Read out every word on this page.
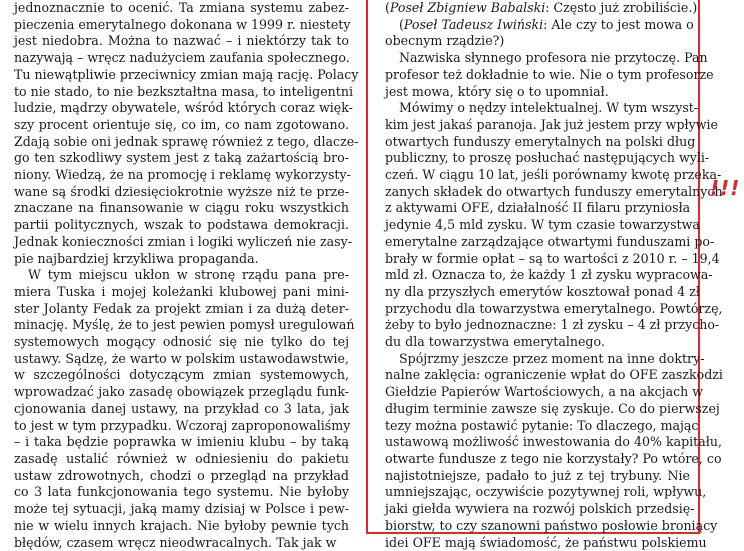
jednoznacznie to ocenić. Ta zmiana systemu zabez-
pieczenia emerytalnego dokonana w 1999 r. niestety
jest niedobra. Można to nazwać – i niektórzy tak to
nazywają – wręcz nadużyciem zaufania społecznego.
Tu niewątpliwie przeciwnicy zmian mają rację. Polacy
to nie stado, to nie bezkształtna masa, to inteligentni
ludzie, mądrzy obywatele, wśród których coraz więk-
szy procent orientuje się, co im, co nam zgotowano.
Zdają sobie oni jednak sprawę również z tego, dlacze-
go ten szkodliwy system jest z taką zażartością bro-
niony. Wiedzą, że na promocję i reklamę wykorzysty-
wane są środki dziesięciokrotnie wyższe niż te prze-
znaczane na finansowanie w ciągu roku wszystkich
partii politycznych, wszak to podstawa demokracji.
Jednak konieczności zmian i logiki wyliczeń nie zasy-
pie najbardziej krzykliwa propaganda.
W tym miejscu ukłon w stronę rządu pana pre-
miera Tuska i mojej koleżanki klubowej pani mini-
ster Jolanty Fedak za projekt zmian i za dużą deter-
minację. Myślę, że to jest pewien pomysł uregulowań
systemowych mogący odnosić się nie tylko do tej
ustawy. Sądzę, że warto w polskim ustawodawstwie,
w szczególności dotyczącym zmian systemowych,
wprowadzać jako zasadę obowiązek przeglądu funk-
cjonowania danej ustawy, na przykład co 3 lata, jak
to jest w tym przypadku. Wczoraj zaproponowaliśmy
– i taka będzie poprawka w imieniu klubu – by taką
zasadę ustalić również w odniesieniu do pakietu
ustaw zdrowotnych, chodzi o przegląd na przykład
co 3 lata funkcjonowania tego systemu. Nie byłoby
może tej sytuacji, jaką mamy dzisiaj w Polsce i pew-
nie w wielu innych krajach. Nie byłoby pewnie tych
błędów, czasem wręcz nieodwracalnych. Tak jak w
(Poseł Zbigniew Babalski: Często już zrobiliście.)
(Poseł Tadeusz Iwiński: Ale czy to jest mowa o
obecnym rządzie?)
Nazwiska słynnego profesora nie przytoczę. Pan
profesor też dokładnie to wie. Nie o tym profesorze
jest mowa, który się o to upomniał.
Mówimy o nędzy intelektualnej. W tym wszyst-
kim jest jakaś paranoja. Jak już jestem przy wpływie
otwartych funduszy emerytalnych na polski dług
publiczny, to proszę posłuchać następujących wyli-
czeń. W ciągu 10 lat, jeśli porównamy kwotę przeka-
zanych składek do otwartych funduszy emerytalnych
z aktywami OFE, działalność II filaru przyniosła
jedynie 4,5 mld zysku. W tym czasie towarzystwa
emerytalne zarządzające otwartymi funduszami po-
brały w formie opłat – są to wartości z 2010 r. – 19,4
mld zł. Oznacza to, że każdy 1 zł zysku wypracowa-
ny dla przyszłych emerytów kosztował ponad 4 zł
przychodu dla towarzystwa emerytalnego. Powtórzę,
żeby to było jednoznaczne: 1 zł zysku – 4 zł przycho-
du dla towarzystwa emerytalnego.
Spójrzmy jeszcze przez moment na inne doktry-
nalne zaklęcia: ograniczenie wpłat do OFE zaszkodzi
Giełdzie Papierów Wartościowych, a na akcjach w
długim terminie zawsze się zyskuje. Co do pierwszej
tezy można postawić pytanie: To dlaczego, mając
ustawową możliwość inwestowania do 40% kapitału,
otwarte fundusze z tego nie korzystały? Po wtóre, co
najistotniejsze, padało to już z tej trybuny. Nie
umniejszając, oczywiście pozytywnej roli, wpływu,
jaki giełda wywiera na rozwój polskich przedsię-
biorstw, to czy szanowni państwo posłowie broniący
idei OFE mają świadomość, że państwu polskiemu
!!!
